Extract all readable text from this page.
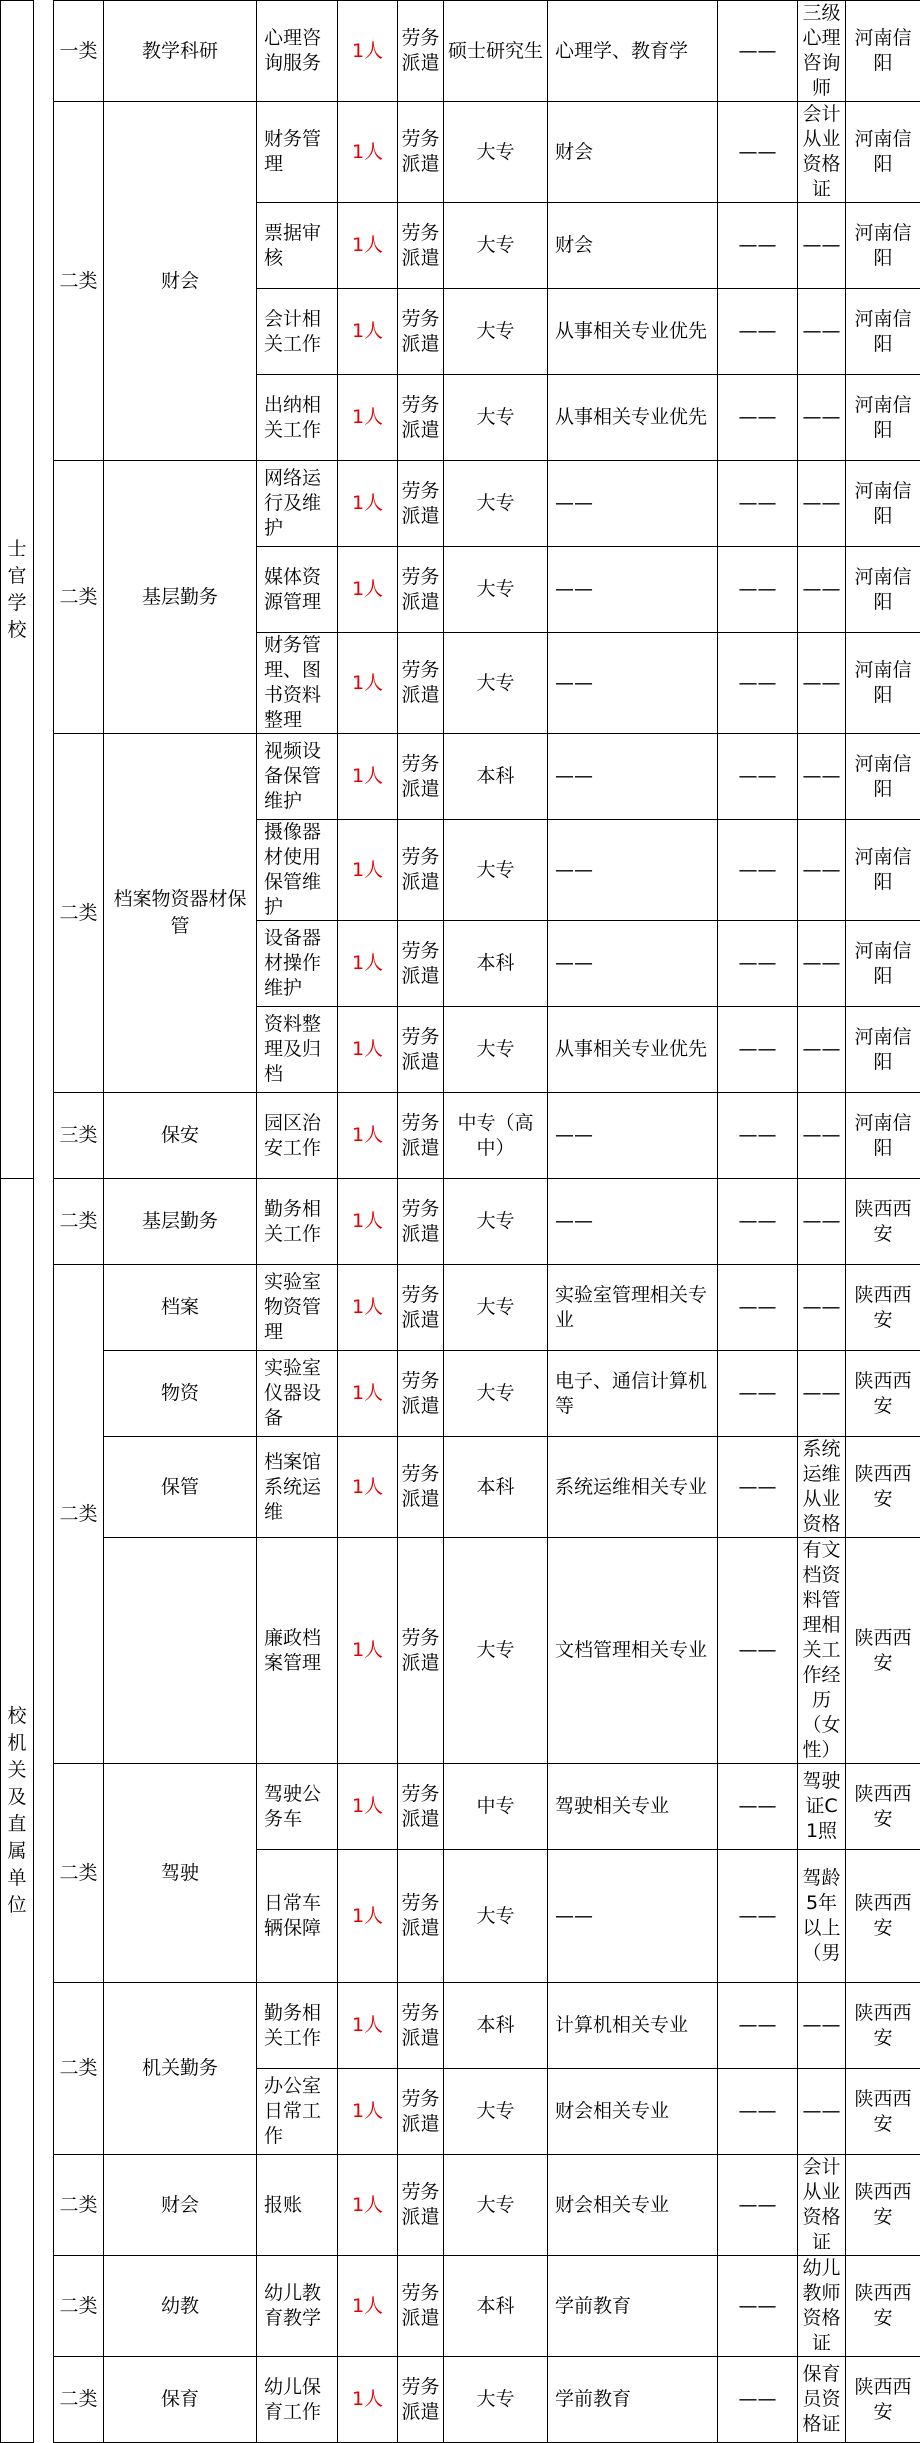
士官学校		一类	教学科研	心理咨询服务	1人	劳务派遣	硕士研究生	心理学、教育学	——	三级心理咨询师	河南信阳
		二类	财会	财务管理	1人	劳务派遣	大专	财会	——	会计从业资格证	河南信阳
				票据审核	1人	劳务派遣	大专	财会	——	——	河南信阳
				会计相关工作	1人	劳务派遣	大专	从事相关专业优先	——	——	河南信阳
				出纳相关工作	1人	劳务派遣	大专	从事相关专业优先	——	——	河南信阳
		二类	基层勤务	网络运行及维护	1人	劳务派遣	大专	——	——	——	河南信阳
				媒体资源管理	1人	劳务派遣	大专	——	——	——	河南信阳
				财务管理、图书资料整理	1人	劳务派遣	大专	——	——	——	河南信阳
		二类	档案物资器材保管	视频设备保管维护	1人	劳务派遣	本科	——	——	——	河南信阳
				摄像器材使用保管维护	1人	劳务派遣	大专	——	——	——	河南信阳
				设备器材操作维护	1人	劳务派遣	本科	——	——	——	河南信阳
				资料整理及归档	1人	劳务派遣	大专	从事相关专业优先	——	——	河南信阳
		三类	保安	园区治安工作	1人	劳务派遣	中专（高中）	——	——	——	河南信阳
校机关及直属单位		二类	基层勤务	勤务相关工作	1人	劳务派遣	大专	——	——	——	陕西西安
		二类	档案	实验室物资管理	1人	劳务派遣	大专	实验室管理相关专业	——	——	陕西西安
			物资	实验室仪器设备	1人	劳务派遣	大专	电子、通信计算机等	——	——	陕西西安
			保管	档案馆系统运维	1人	劳务派遣	本科	系统运维相关专业	——	系统运维从业资格	陕西西安
				廉政档案管理	1人	劳务派遣	大专	文档管理相关专业	——	有文档资料管理相关工作经历（女性）	陕西西安
		二类	驾驶	驾驶公务车	1人	劳务派遣	中专	驾驶相关专业	——	驾驶证C1照	陕西西安
				日常车辆保障	1人	劳务派遣	大专	——	——	驾龄5年以上（男	陕西西安
		二类	机关勤务	勤务相关工作	1人	劳务派遣	本科	计算机相关专业	——	——	陕西西安
				办公室日常工作	1人	劳务派遣	大专	财会相关专业	——	——	陕西西安
		二类	财会	报账	1人	劳务派遣	大专	财会相关专业	——	会计从业资格证	陕西西安
		二类	幼教	幼儿教育教学	1人	劳务派遣	本科	学前教育	——	幼儿教师资格证	陕西西安
		二类	保育	幼儿保育工作	1人	劳务派遣	大专	学前教育	——	保育员资格证	陕西西安
